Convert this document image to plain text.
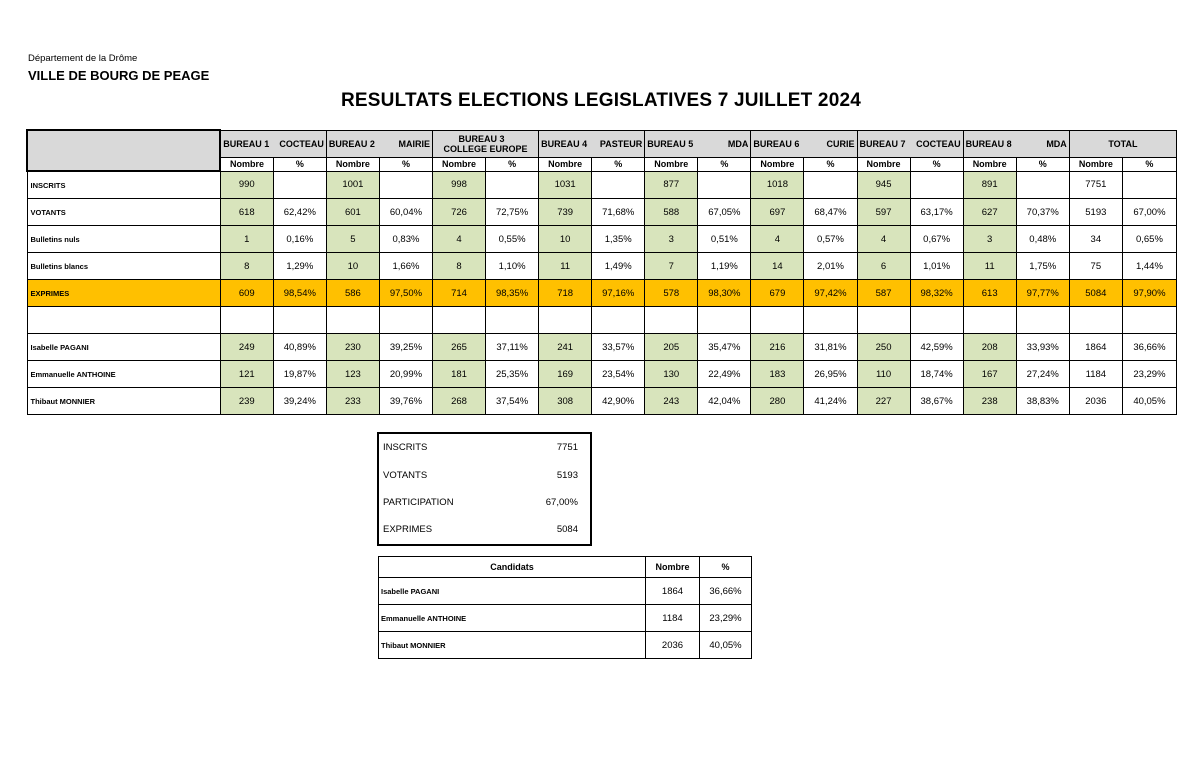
Département de la Drôme
VILLE DE BOURG DE PEAGE
RESULTATS ELECTIONS LEGISLATIVES 7 JUILLET 2024

	BUREAU 1 COCTEAU		BUREAU 2 MAIRIE		BUREAU 3
COLLEGE EUROPE		BUREAU 4 PASTEUR		BUREAU 5 MDA		BUREAU 6 CURIE		BUREAU 7 COCTEAU		BUREAU 8 MDA		TOTAL	
	Nombre	%	Nombre	%	Nombre	%	Nombre	%	Nombre	%	Nombre	%	Nombre	%	Nombre	%	Nombre	%
INSCRITS	990		1001		998		1031		877		1018		945		891		7751	
VOTANTS	618	62,42%	601	60,04%	726	72,75%	739	71,68%	588	67,05%	697	68,47%	597	63,17%	627	70,37%	5193	67,00%
Bulletins nuls	1	0,16%	5	0,83%	4	0,55%	10	1,35%	3	0,51%	4	0,57%	4	0,67%	3	0,48%	34	0,65%
Bulletins blancs	8	1,29%	10	1,66%	8	1,10%	11	1,49%	7	1,19%	14	2,01%	6	1,01%	11	1,75%	75	1,44%
EXPRIMES	609	98,54%	586	97,50%	714	98,35%	718	97,16%	578	98,30%	679	97,42%	587	98,32%	613	97,77%	5084	97,90%

Isabelle PAGANI	249	40,89%	230	39,25%	265	37,11%	241	33,57%	205	35,47%	216	31,81%	250	42,59%	208	33,93%	1864	36,66%
Emmanuelle ANTHOINE	121	19,87%	123	20,99%	181	25,35%	169	23,54%	130	22,49%	183	26,95%	110	18,74%	167	27,24%	1184	23,29%
Thibaut MONNIER	239	39,24%	233	39,76%	268	37,54%	308	42,90%	243	42,04%	280	41,24%	227	38,67%	238	38,83%	2036	40,05%
INSCRITS	7751
VOTANTS	5193
PARTICIPATION	67,00%
EXPRIMES	5084
Candidats	Nombre	%
Isabelle PAGANI	1864	36,66%
Emmanuelle ANTHOINE	1184	23,29%
Thibaut MONNIER	2036	40,05%
